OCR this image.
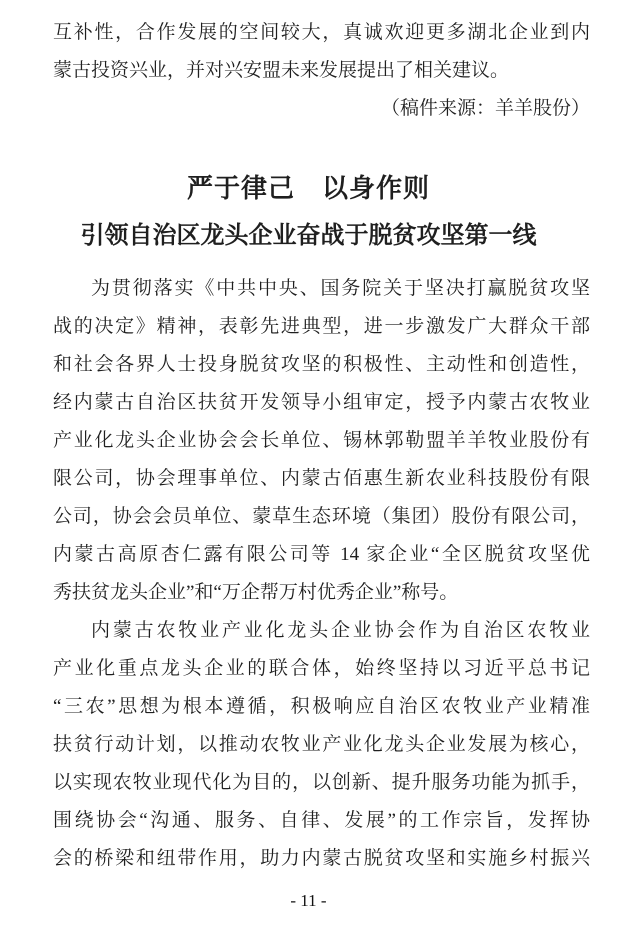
互补性，合作发展的空间较大，真诚欢迎更多湖北企业到内
蒙古投资兴业，并对兴安盟未来发展提出了相关建议。
（稿件来源：羊羊股份）
严于律己　以身作则
引领自治区龙头企业奋战于脱贫攻坚第一线
为贯彻落实《中共中央、国务院关于坚决打赢脱贫攻坚
战的决定》精神，表彰先进典型，进一步激发广大群众干部
和社会各界人士投身脱贫攻坚的积极性、主动性和创造性，
经内蒙古自治区扶贫开发领导小组审定，授予内蒙古农牧业
产业化龙头企业协会会长单位、锡林郭勒盟羊羊牧业股份有
限公司，协会理事单位、内蒙古佰惠生新农业科技股份有限
公司，协会会员单位、蒙草生态环境（集团）股份有限公司，
内蒙古高原杏仁露有限公司等 14 家企业“全区脱贫攻坚优
秀扶贫龙头企业”和“万企帮万村优秀企业”称号。
内蒙古农牧业产业化龙头企业协会作为自治区农牧业
产业化重点龙头企业的联合体，始终坚持以习近平总书记
“三农”思想为根本遵循，积极响应自治区农牧业产业精准
扶贫行动计划，以推动农牧业产业化龙头企业发展为核心，
以实现农牧业现代化为目的，以创新、提升服务功能为抓手，
围绕协会“沟通、服务、自律、发展”的工作宗旨，发挥协
会的桥梁和纽带作用，助力内蒙古脱贫攻坚和实施乡村振兴
- 11 -
